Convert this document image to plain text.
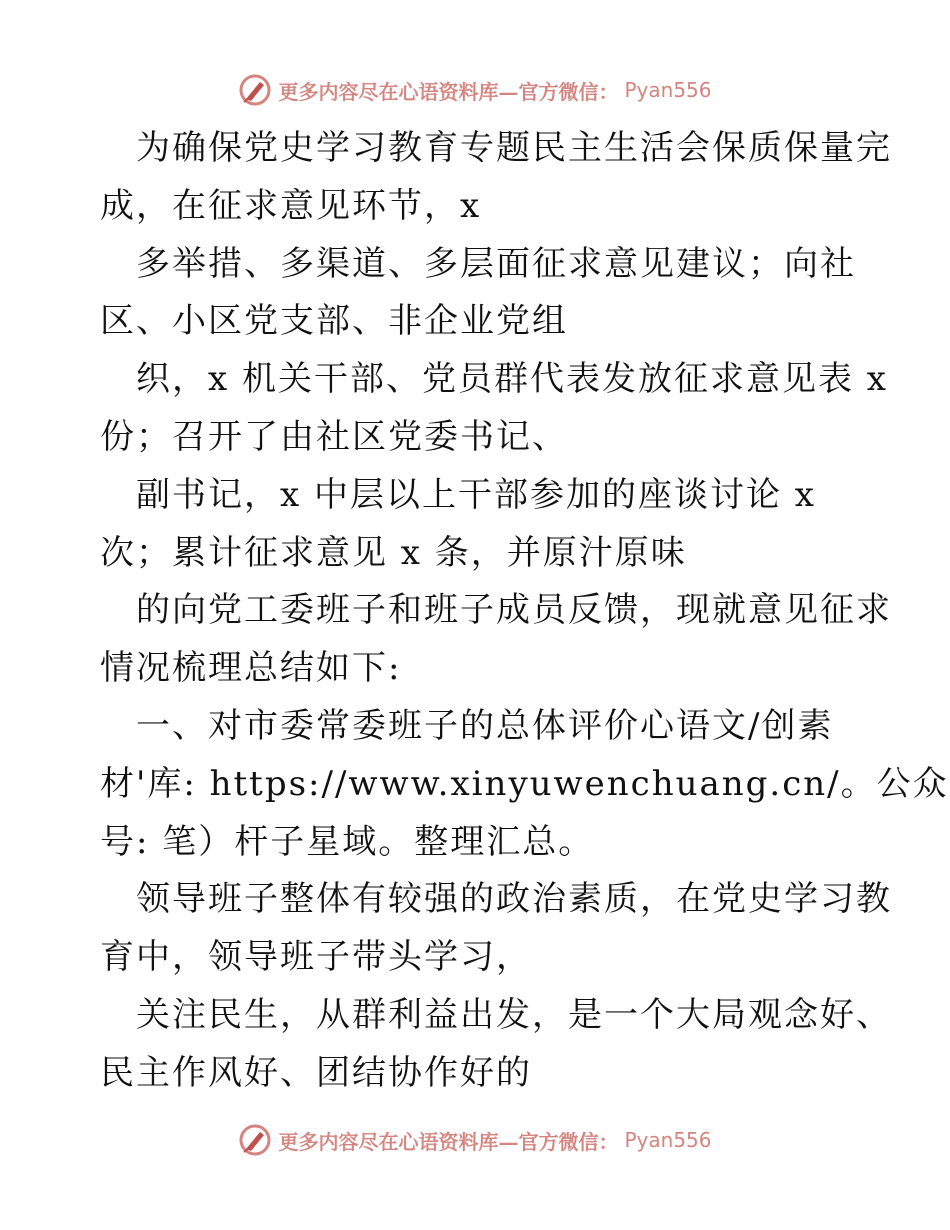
更多内容尽在心语资料库—官方微信： Pyan556
为确保党史学习教育专题民主生活会保质保量完
成，在征求意见环节，x
多举措、多渠道、多层面征求意见建议；向社
区、小区党支部、非企业党组
织，x 机关干部、党员群代表发放征求意见表 x
份；召开了由社区党委书记、
副书记，x 中层以上干部参加的座谈讨论 x
次；累计征求意见 x 条，并原汁原味
的向党工委班子和班子成员反馈，现就意见征求
情况梳理总结如下:
一、对市委常委班子的总体评价心语文/创素
材'库: https://www.xinyuwenchuang.cn/。公众
号: 笔）杆子星域。整理汇总。
领导班子整体有较强的政治素质，在党史学习教
育中，领导班子带头学习，
关注民生，从群利益出发，是一个大局观念好、
民主作风好、团结协作好的
更多内容尽在心语资料库—官方微信： Pyan556
